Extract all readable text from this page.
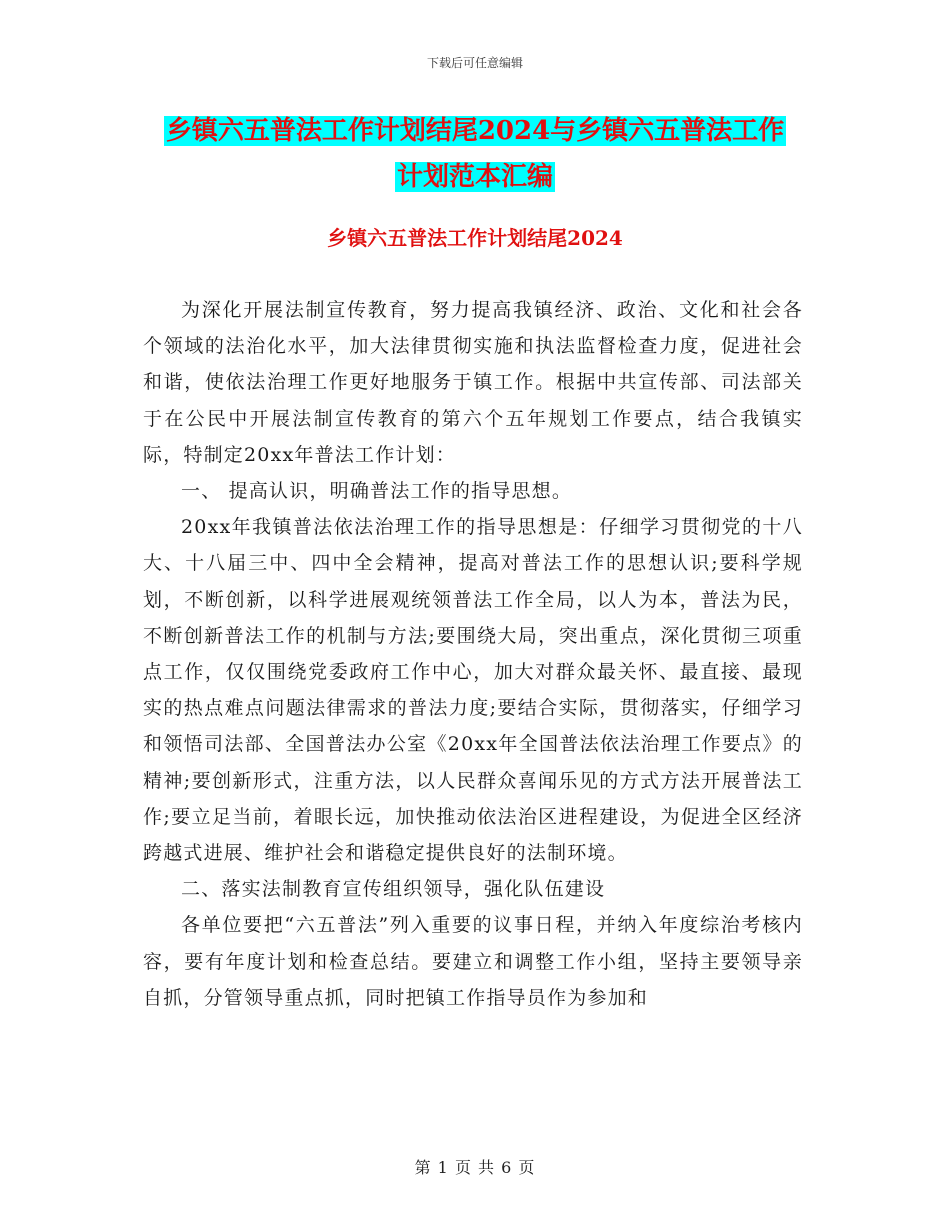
下载后可任意编辑
乡镇六五普法工作计划结尾2024与乡镇六五普法工作
计划范本汇编
乡镇六五普法工作计划结尾2024

为深化开展法制宣传教育，努力提高我镇经济、政治、文化和社会各个领域的法治化水平，加大法律贯彻实施和执法监督检查力度，促进社会和谐，使依法治理工作更好地服务于镇工作。根据中共宣传部、司法部关于在公民中开展法制宣传教育的第六个五年规划工作要点，结合我镇实际，特制定20xx年普法工作计划：

一、 提高认识，明确普法工作的指导思想。

20xx年我镇普法依法治理工作的指导思想是：仔细学习贯彻党的十八大、十八届三中、四中全会精神，提高对普法工作的思想认识;要科学规划，不断创新，以科学进展观统领普法工作全局，以人为本，普法为民，不断创新普法工作的机制与方法;要围绕大局，突出重点，深化贯彻三项重点工作，仅仅围绕党委政府工作中心，加大对群众最关怀、最直接、最现实的热点难点问题法律需求的普法力度;要结合实际，贯彻落实，仔细学习和领悟司法部、全国普法办公室《20xx年全国普法依法治理工作要点》的精神;要创新形式，注重方法，以人民群众喜闻乐见的方式方法开展普法工作;要立足当前，着眼长远，加快推动依法治区进程建设，为促进全区经济跨越式进展、维护社会和谐稳定提供良好的法制环境。

二、落实法制教育宣传组织领导，强化队伍建设

各单位要把“六五普法”列入重要的议事日程，并纳入年度综治考核内容，要有年度计划和检查总结。要建立和调整工作小组，坚持主要领导亲自抓，分管领导重点抓，同时把镇工作指导员作为参加和

第 1 页 共 6 页
